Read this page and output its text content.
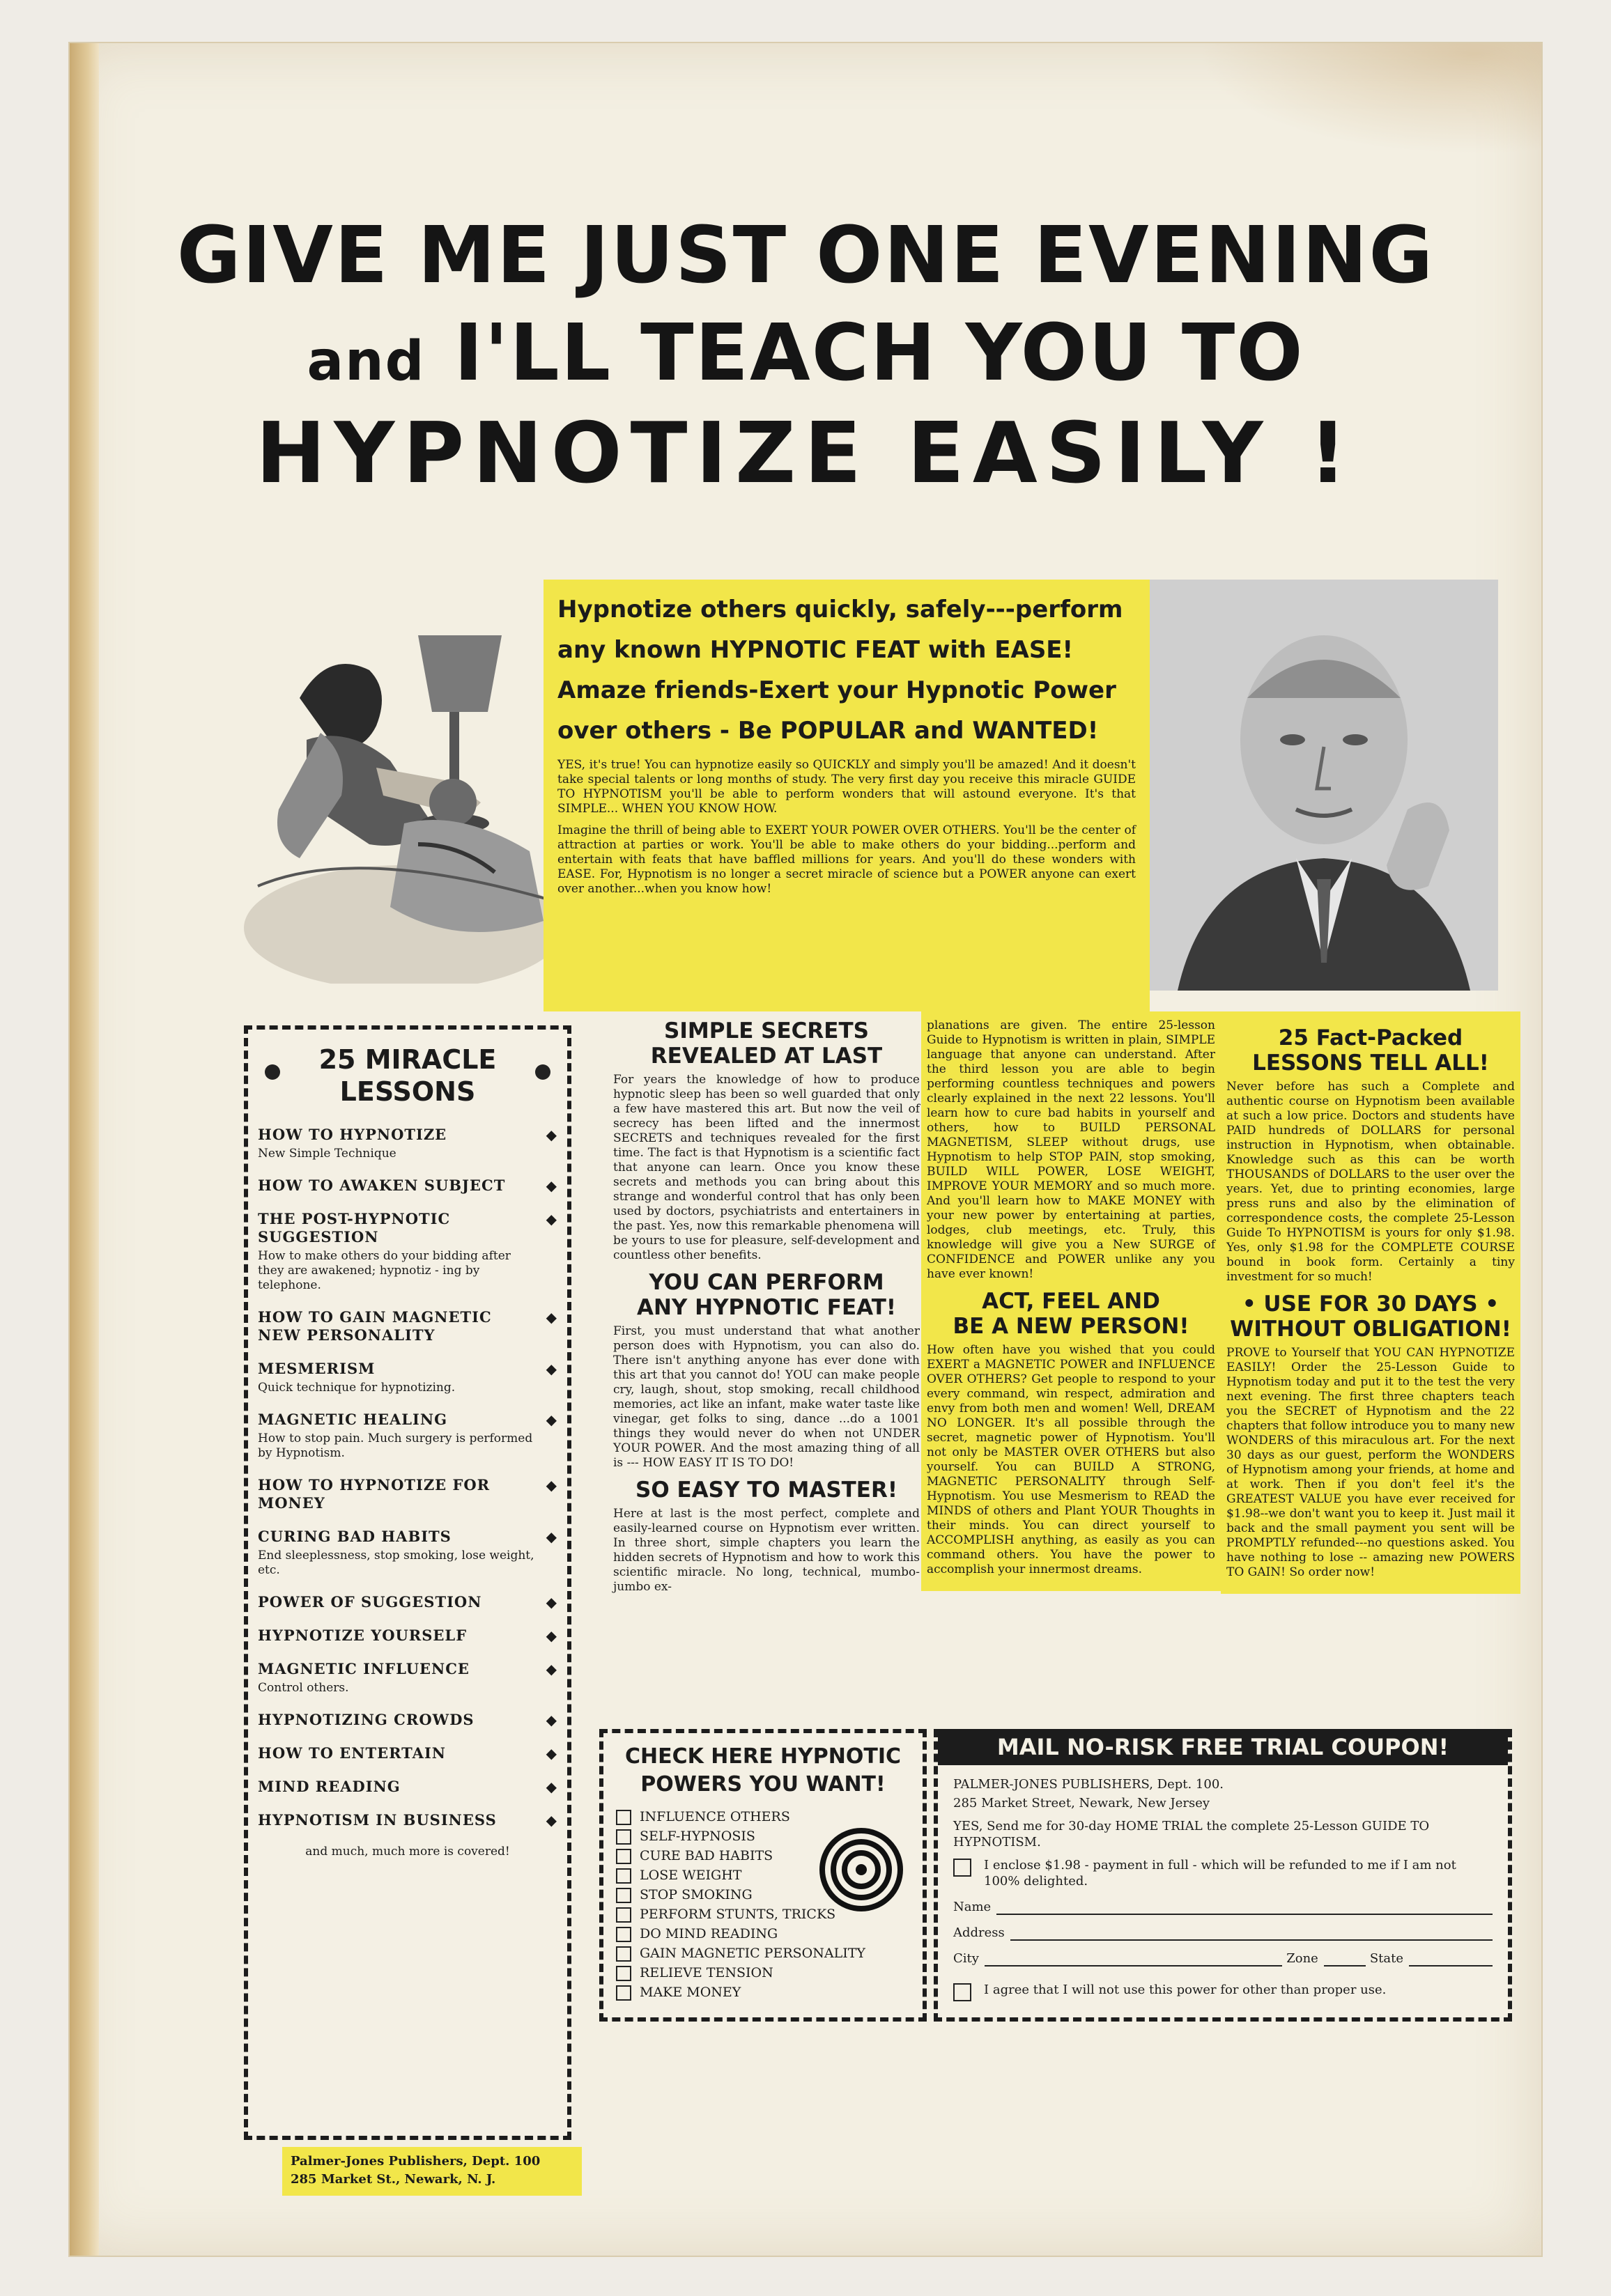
GIVE ME JUST ONE EVENING
and I'LL TEACH YOU TO
HYPNOTIZE EASILY !
Hypnotize others quickly, safely---perform
any known HYPNOTIC FEAT with EASE!
Amaze friends-Exert your Hypnotic Power
over others - Be POPULAR and WANTED!

YES, it's true! You can hypnotize easily so QUICKLY and simply you'll be amazed! And it doesn't take special talents or long months of study. The very first day you receive this miracle GUIDE TO HYPNOTISM you'll be able to perform wonders that will astound everyone. It's that SIMPLE... WHEN YOU KNOW HOW.

Imagine the thrill of being able to EXERT YOUR POWER OVER OTHERS. You'll be the center of attraction at parties or work. You'll be able to make others do your bidding...perform and entertain with feats that have baffled millions for years. And you'll do these wonders with EASE. For, Hypnotism is no longer a secret miracle of science but a POWER anyone can exert over another...when you know how!

25 MIRACLE
LESSONS
HOW TO HYPNOTIZE
New Simple Technique
◆
HOW TO AWAKEN SUBJECT ◆
THE POST-HYPNOTIC SUGGESTION
How to make others do your bidding after they are awakened; hypnotiz - ing by telephone.
◆
HOW TO GAIN MAGNETIC NEW PERSONALITY ◆
MESMERISM
Quick technique for hypnotizing.
◆
MAGNETIC HEALING
How to stop pain. Much surgery is performed by Hypnotism.
◆
HOW TO HYPNOTIZE FOR MONEY ◆
CURING BAD HABITS
End sleeplessness, stop smoking, lose weight, etc.
◆
POWER OF SUGGESTION ◆
HYPNOTIZE YOURSELF ◆
MAGNETIC INFLUENCE
Control others.
◆
HYPNOTIZING CROWDS ◆
HOW TO ENTERTAIN ◆
MIND READING ◆
HYPNOTISM IN BUSINESS ◆
and much, much more is covered!
Palmer-Jones Publishers, Dept. 100
285 Market St., Newark, N. J.
SIMPLE SECRETS
REVEALED AT LAST

For years the knowledge of how to produce hypnotic sleep has been so well guarded that only a few have mastered this art. But now the veil of secrecy has been lifted and the innermost SECRETS and techniques revealed for the first time. The fact is that Hypnotism is a scientific fact that anyone can learn. Once you know these secrets and methods you can bring about this strange and wonderful control that has only been used by doctors, psychiatrists and entertainers in the past. Yes, now this remarkable phenomena will be yours to use for pleasure, self-development and countless other benefits.

YOU CAN PERFORM
ANY HYPNOTIC FEAT!

First, you must understand that what another person does with Hypnotism, you can also do. There isn't anything anyone has ever done with this art that you cannot do! YOU can make people cry, laugh, shout, stop smoking, recall childhood memories, act like an infant, make water taste like vinegar, get folks to sing, dance ...do a 1001 things they would never do when not UNDER YOUR POWER. And the most amazing thing of all is --- HOW EASY IT IS TO DO!

SO EASY TO MASTER!

Here at last is the most perfect, complete and easily-learned course on Hypnotism ever written. In three short, simple chapters you learn the hidden secrets of Hypnotism and how to work this scientific miracle. No long, technical, mumbo-jumbo ex-

planations are given. The entire 25-lesson Guide to Hypnotism is written in plain, SIMPLE language that anyone can understand. After the third lesson you are able to begin performing countless techniques and powers clearly explained in the next 22 lessons. You'll learn how to cure bad habits in yourself and others, how to BUILD PERSONAL MAGNETISM, SLEEP without drugs, use Hypnotism to help STOP PAIN, stop smoking, BUILD WILL POWER, LOSE WEIGHT, IMPROVE YOUR MEMORY and so much more. And you'll learn how to MAKE MONEY with your new power by entertaining at parties, lodges, club meetings, etc. Truly, this knowledge will give you a New SURGE of CONFIDENCE and POWER unlike any you have ever known!

ACT, FEEL AND
BE A NEW PERSON!

How often have you wished that you could EXERT a MAGNETIC POWER and INFLUENCE OVER OTHERS? Get people to respond to your every command, win respect, admiration and envy from both men and women! Well, DREAM NO LONGER. It's all possible through the secret, magnetic power of Hypnotism. You'll not only be MASTER OVER OTHERS but also yourself. You can BUILD A STRONG, MAGNETIC PERSONALITY through Self-Hypnotism. You use Mesmerism to READ the MINDS of others and Plant YOUR Thoughts in their minds. You can direct yourself to ACCOMPLISH anything, as easily as you can command others. You have the power to accomplish your innermost dreams.

25 Fact-Packed
LESSONS TELL ALL!

Never before has such a Complete and authentic course on Hypnotism been available at such a low price. Doctors and students have PAID hundreds of DOLLARS for personal instruction in Hypnotism, when obtainable. Knowledge such as this can be worth THOUSANDS of DOLLARS to the user over the years. Yet, due to printing economies, large press runs and also by the elimination of correspondence costs, the complete 25-Lesson Guide To HYPNOTISM is yours for only $1.98. Yes, only $1.98 for the COMPLETE COURSE bound in book form. Certainly a tiny investment for so much!

• USE FOR 30 DAYS •
WITHOUT OBLIGATION!

PROVE to Yourself that YOU CAN HYPNOTIZE EASILY! Order the 25-Lesson Guide to Hypnotism today and put it to the test the very next evening. The first three chapters teach you the SECRET of Hypnotism and the 22 chapters that follow introduce you to many new WONDERS of this miraculous art. For the next 30 days as our guest, perform the WONDERS of Hypnotism among your friends, at home and at work. Then if you don't feel it's the GREATEST VALUE you have ever received for $1.98--we don't want you to keep it. Just mail it back and the small payment you sent will be PROMPTLY refunded---no questions asked. You have nothing to lose -- amazing new POWERS TO GAIN! So order now!

CHECK HERE HYPNOTIC
POWERS YOU WANT!
INFLUENCE OTHERS
SELF-HYPNOSIS
CURE BAD HABITS
LOSE WEIGHT
STOP SMOKING
PERFORM STUNTS, TRICKS
DO MIND READING
GAIN MAGNETIC PERSONALITY
RELIEVE TENSION
MAKE MONEY
MAIL NO-RISK FREE TRIAL COUPON!
PALMER-JONES PUBLISHERS, Dept. 100.
285 Market Street, Newark, New Jersey
YES, Send me for 30-day HOME TRIAL the complete 25-Lesson GUIDE TO HYPNOTISM.
I enclose $1.98 - payment in full - which will be refunded to me if I am not 100% delighted.
Name
Address
City	Zone	State
I agree that I will not use this power for other than proper use.
